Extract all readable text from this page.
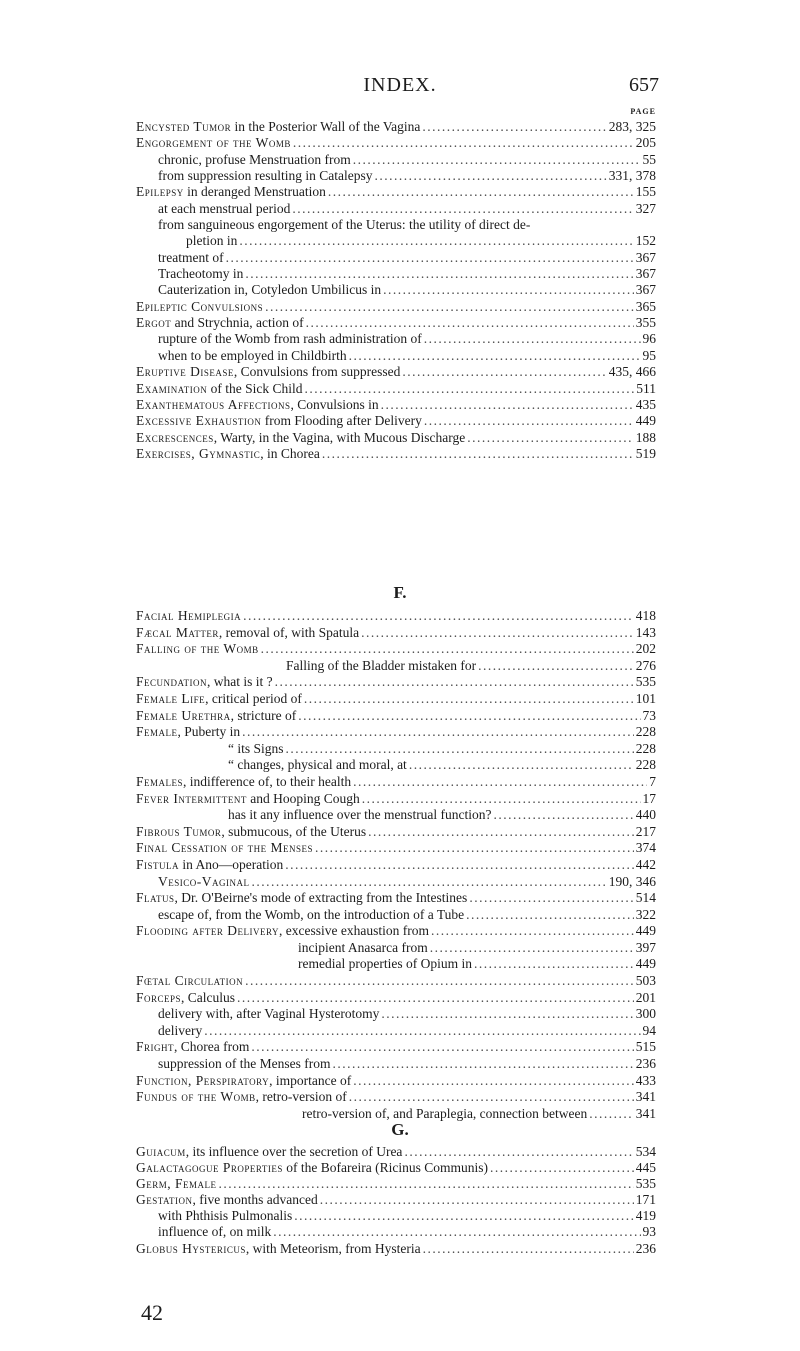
INDEX.	657
PAGE
Encysted Tumor in the Posterior Wall of the Vagina .....	283, 325
Engorgement of the Womb .....	205
chronic, profuse Menstruation from .....	55
from suppression resulting in Catalepsy .....	331, 378
Epilepsy in deranged Menstruation .....	155
at each menstrual period .....	327
from sanguineous engorgement of the Uterus: the utility of direct de-
pletion in .....	152
treatment of .....	367
Tracheotomy in .....	367
Cauterization in, Cotyledon Umbilicus in .....	367
Epileptic Convulsions .....	365
Ergot and Strychnia, action of .....	355
rupture of the Womb from rash administration of .....	96
when to be employed in Childbirth .....	95
Eruptive Disease, Convulsions from suppressed .....	435, 466
Examination of the Sick Child .....	511
Exanthematous Affections, Convulsions in .....	435
Excessive Exhaustion from Flooding after Delivery .....	449
Excrescences, Warty, in the Vagina, with Mucous Discharge .....	188
Exercises, Gymnastic, in Chorea .....	519
F.
Facial Hemiplegia .....	418
Fæcal Matter, removal of, with Spatula .....	143
Falling of the Womb .....	202
Falling of the Bladder mistaken for .....	276
Fecundation, what is it ? .....	535
Female Life, critical period of .....	101
Female Urethra, stricture of .....	73
Female, Puberty in .....	228
“ its Signs .....	228
“ changes, physical and moral, at .....	228
Females, indifference of, to their health .....	7
Fever Intermittent and Hooping Cough .....	17
has it any influence over the menstrual function? .....	440
Fibrous Tumor, submucous, of the Uterus .....	217
Final Cessation of the Menses .....	374
Fistula in Ano—operation .....	442
Vesico-Vaginal .....	190, 346
Flatus, Dr. O'Beirne's mode of extracting from the Intestines .....	514
escape of, from the Womb, on the introduction of a Tube .....	322
Flooding after Delivery, excessive exhaustion from .....	449
incipient Anasarca from .....	397
remedial properties of Opium in .....	449
Fœtal Circulation .....	503
Forceps, Calculus .....	201
delivery with, after Vaginal Hysterotomy .....	300
delivery .....	94
Fright, Chorea from .....	515
suppression of the Menses from .....	236
Function, Perspiratory, importance of .....	433
Fundus of the Womb, retro-version of .....	341
retro-version of, and Paraplegia, connection between .....	341
G.
Guiacum, its influence over the secretion of Urea .....	534
Galactagogue Properties of the Bofareira (Ricinus Communis) .....	445
Germ, Female .....	535
Gestation, five months advanced .....	171
with Phthisis Pulmonalis .....	419
influence of, on milk .....	93
Globus Hystericus, with Meteorism, from Hysteria .....	236
42
